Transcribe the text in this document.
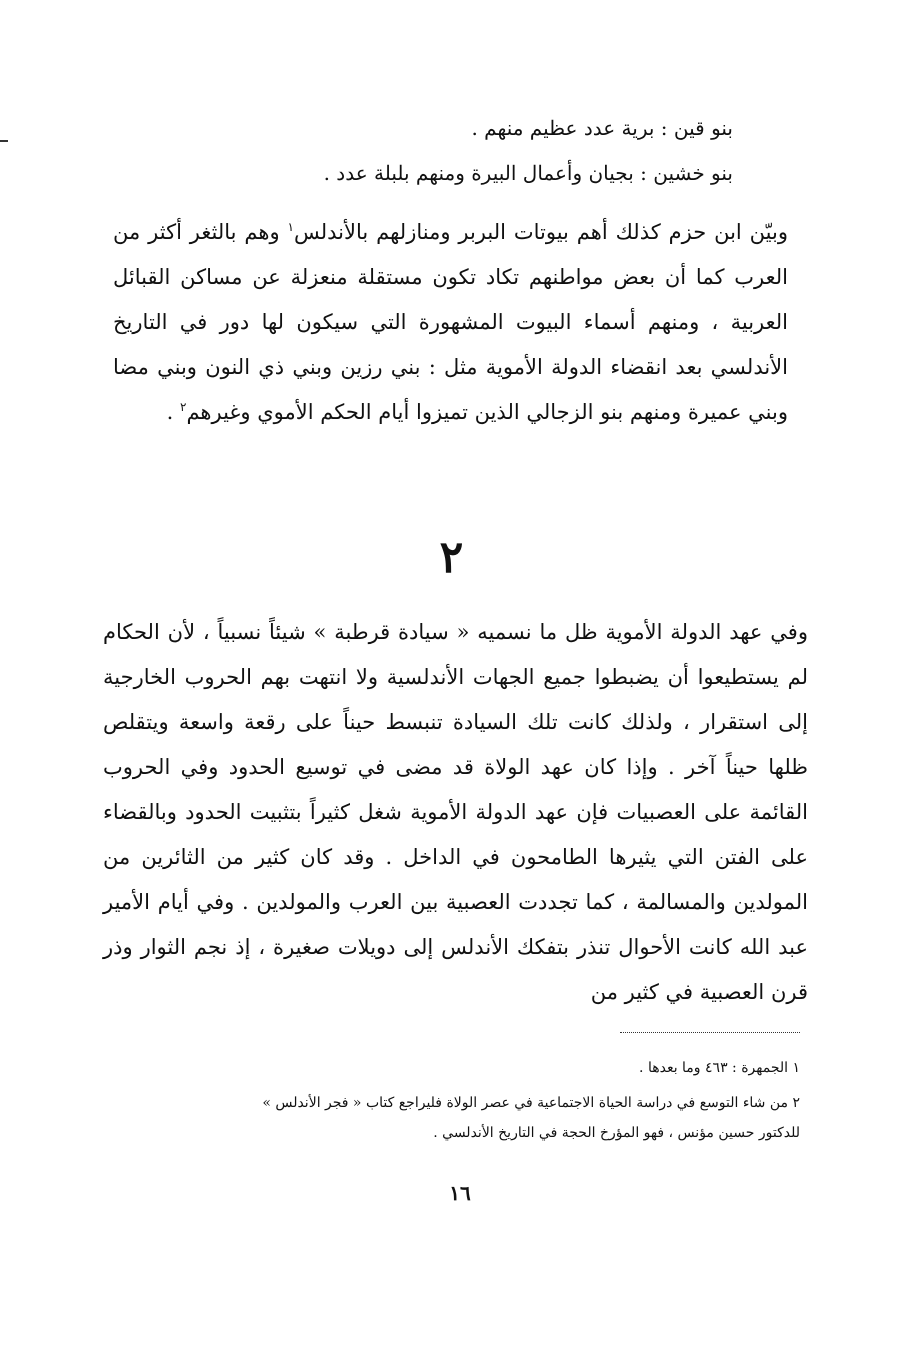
بنو قين : برية عدد عظيم منهم .
بنو خشين : بجيان وأعمال البيرة ومنهم بلبلة عدد .

وبيّن ابن حزم كذلك أهم بيوتات البربر ومنازلهم بالأندلس$^١$ وهم بالثغر أكثر من العرب كما أن بعض مواطنهم تكاد تكون مستقلة منعزلة عن مساكن القبائل العربية ، ومنهم أسماء البيوت المشهورة التي سيكون لها دور في التاريخ الأندلسي بعد انقضاء الدولة الأموية مثل : بني رزين وبني ذي النون وبني مضا وبني عميرة ومنهم بنو الزجالي الذين تميزوا أيام الحكم الأموي وغيرهم$^٢$ .

٢

وفي عهد الدولة الأموية ظل ما نسميه « سيادة قرطبة » شيئاً نسبياً ، لأن الحكام لم يستطيعوا أن يضبطوا جميع الجهات الأندلسية ولا انتهت بهم الحروب الخارجية إلى استقرار ، ولذلك كانت تلك السيادة تنبسط حيناً على رقعة واسعة ويتقلص ظلها حيناً آخر . وإذا كان عهد الولاة قد مضى في توسيع الحدود وفي الحروب القائمة على العصبيات فإن عهد الدولة الأموية شغل كثيراً بتثبيت الحدود وبالقضاء على الفتن التي يثيرها الطامحون في الداخل . وقد كان كثير من الثائرين من المولدين والمسالمة ، كما تجددت العصبية بين العرب والمولدين . وفي أيام الأمير عبد الله كانت الأحوال تنذر بتفكك الأندلس إلى دويلات صغيرة ، إذ نجم الثوار وذر قرن العصبية في كثير من

١ الجمهرة : ٤٦٣ وما بعدها .
٢ من شاء التوسع في دراسة الحياة الاجتماعية في عصر الولاة فليراجع كتاب « فجر الأندلس »
للدكتور حسين مؤنس ، فهو المؤرخ الحجة في التاريخ الأندلسي .
١٦
